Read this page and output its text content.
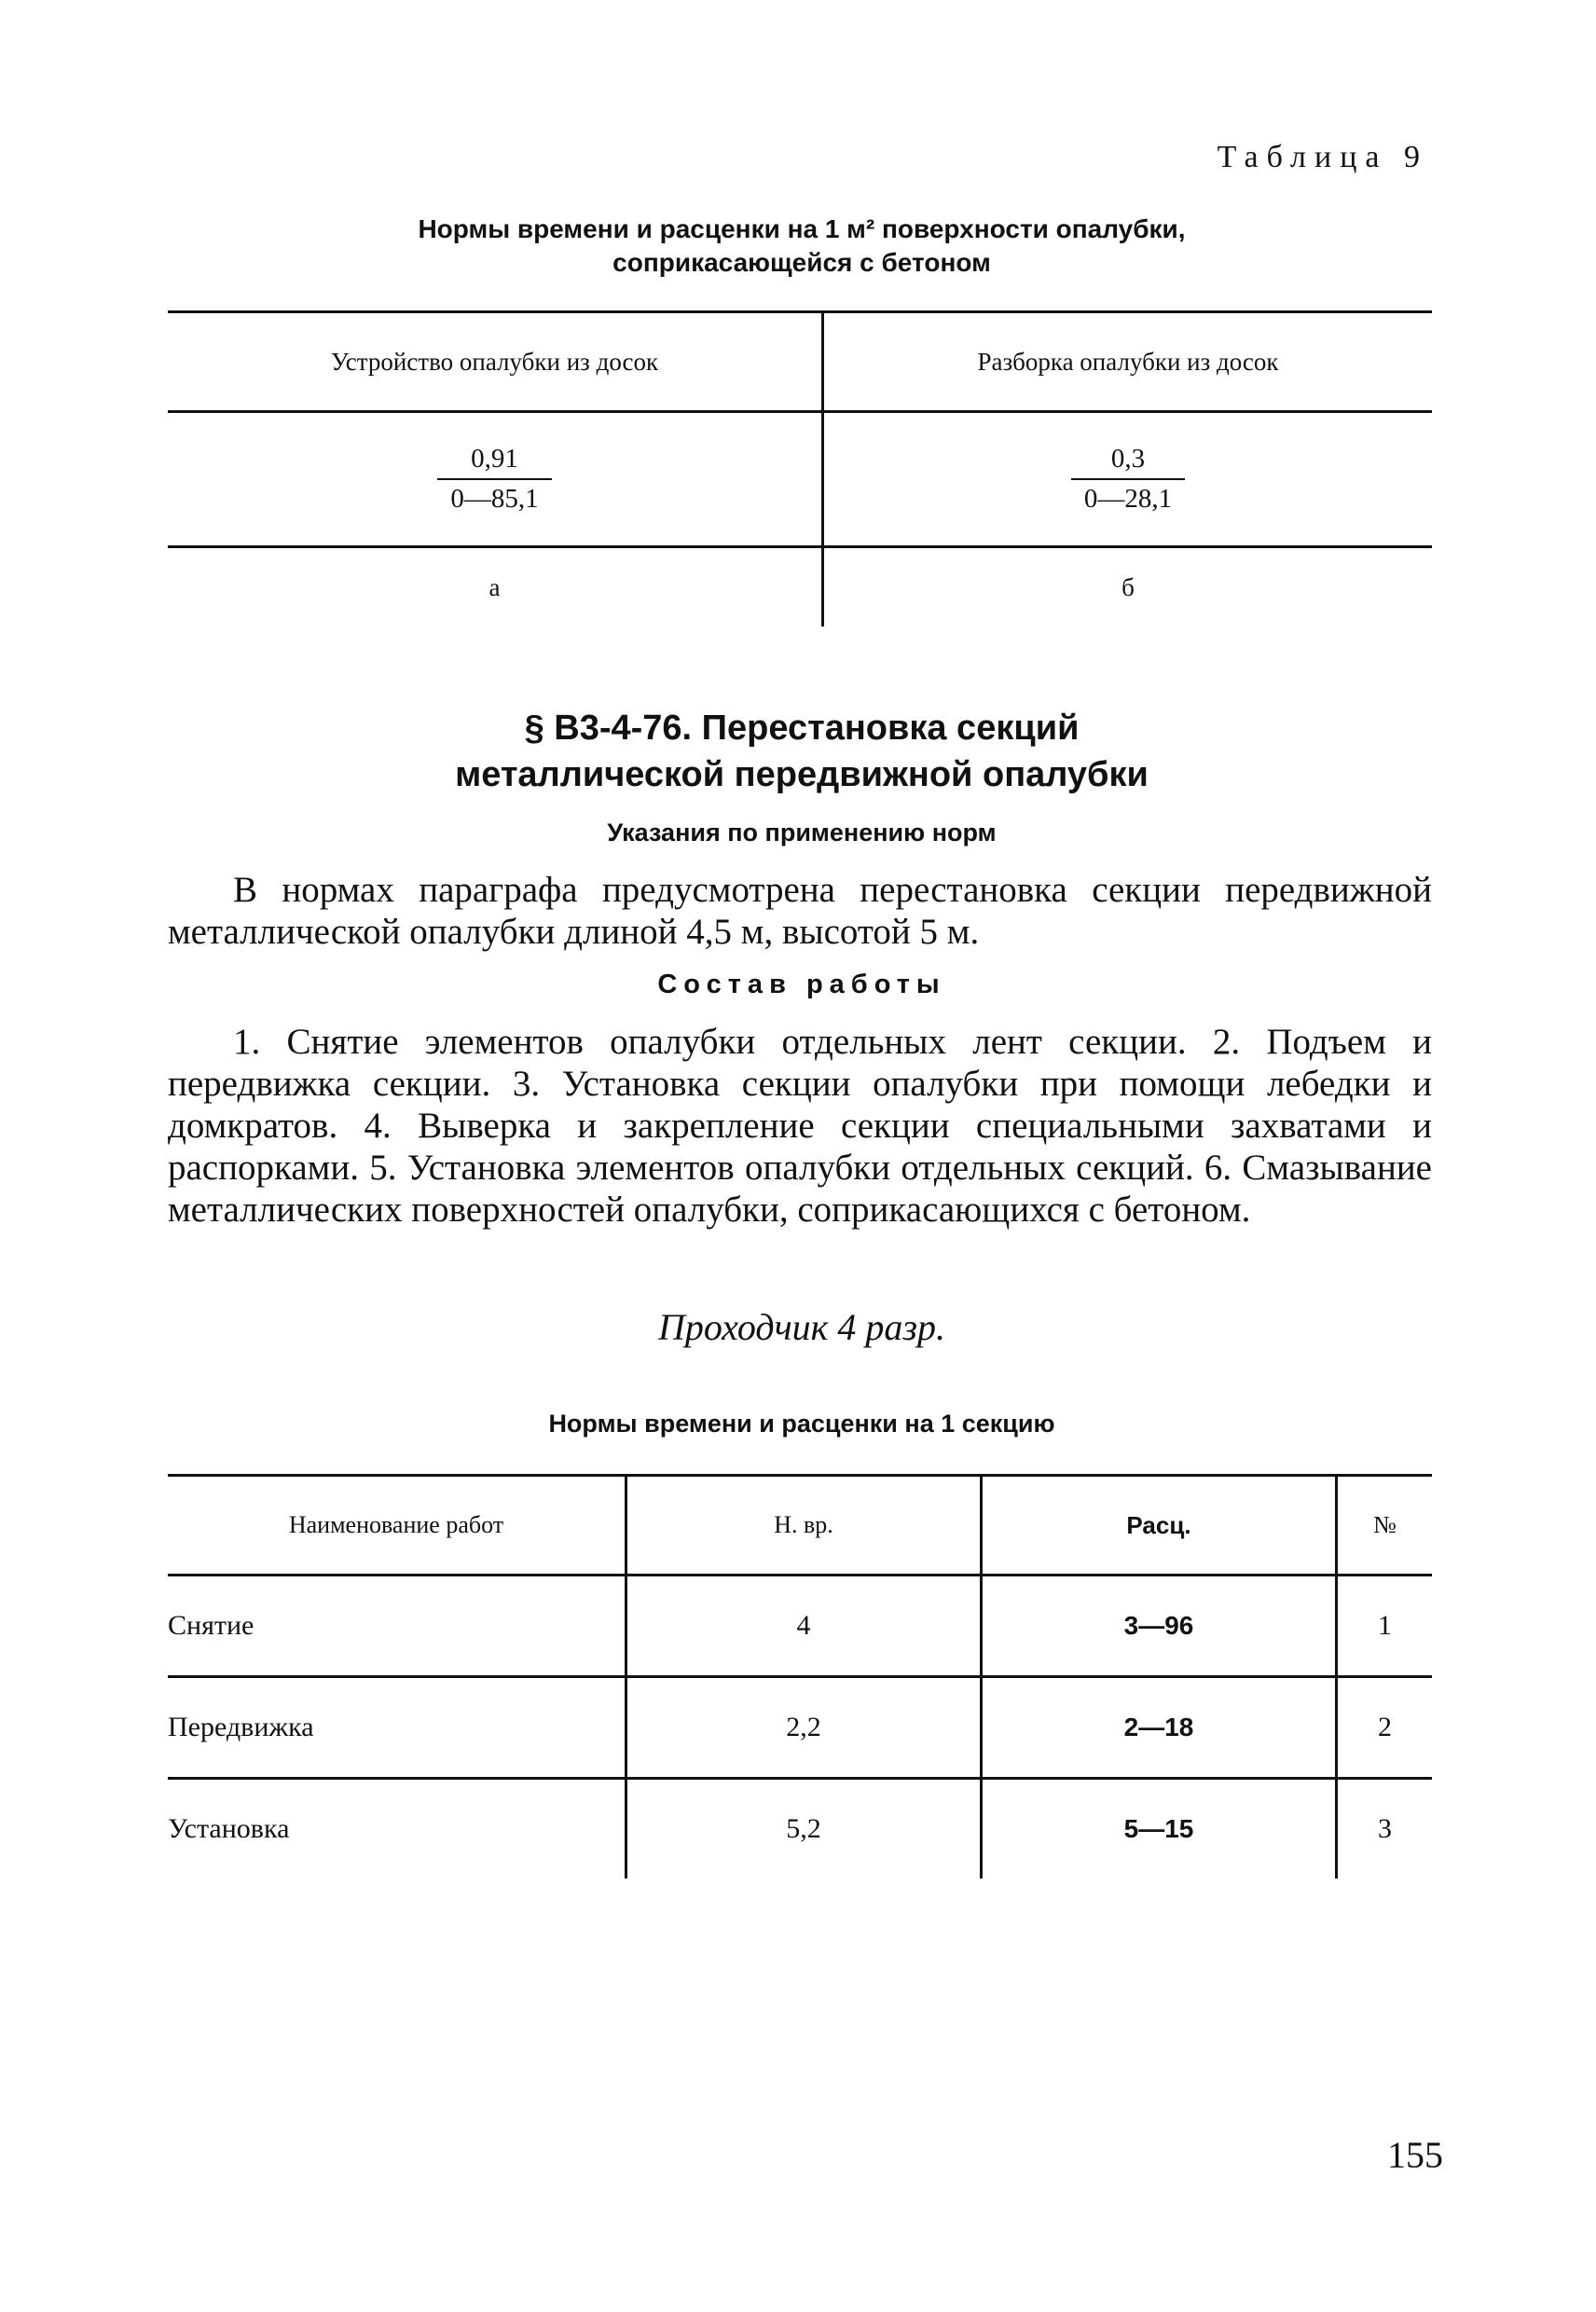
Таблица 9
Нормы времени и расценки на 1 м² поверхности опалубки,
соприкасающейся с бетоном
Устройство опалубки из досок	Разборка опалубки из досок

$\frac{0,91}{0—85,1}$	$\frac{0,3}{0—28,1}$

а	б
§ В3-4-76. Перестановка секций
металлической передвижной опалубки
Указания по применению норм
В нормах параграфа предусмотрена перестановка секции передвижной металлической опалубки длиной 4,5 м, высотой 5 м.
Состав работы
1. Снятие элементов опалубки отдельных лент секции. 2. Подъем и передвижка секции. 3. Установка секции опалубки при помощи лебедки и домкратов. 4. Выверка и закрепление секции специальными захватами и распорками. 5. Установка элементов опалубки отдельных секций. 6. Смазывание металлических поверхностей опалубки, соприкасающихся с бетоном.
Проходчик 4 разр.
Нормы времени и расценки на 1 секцию
Наименование работ	Н. вр.	Расц.	№
Снятие	4	3—96	1
Передвижка	2,2	2—18	2
Установка	5,2	5—15	3
155
